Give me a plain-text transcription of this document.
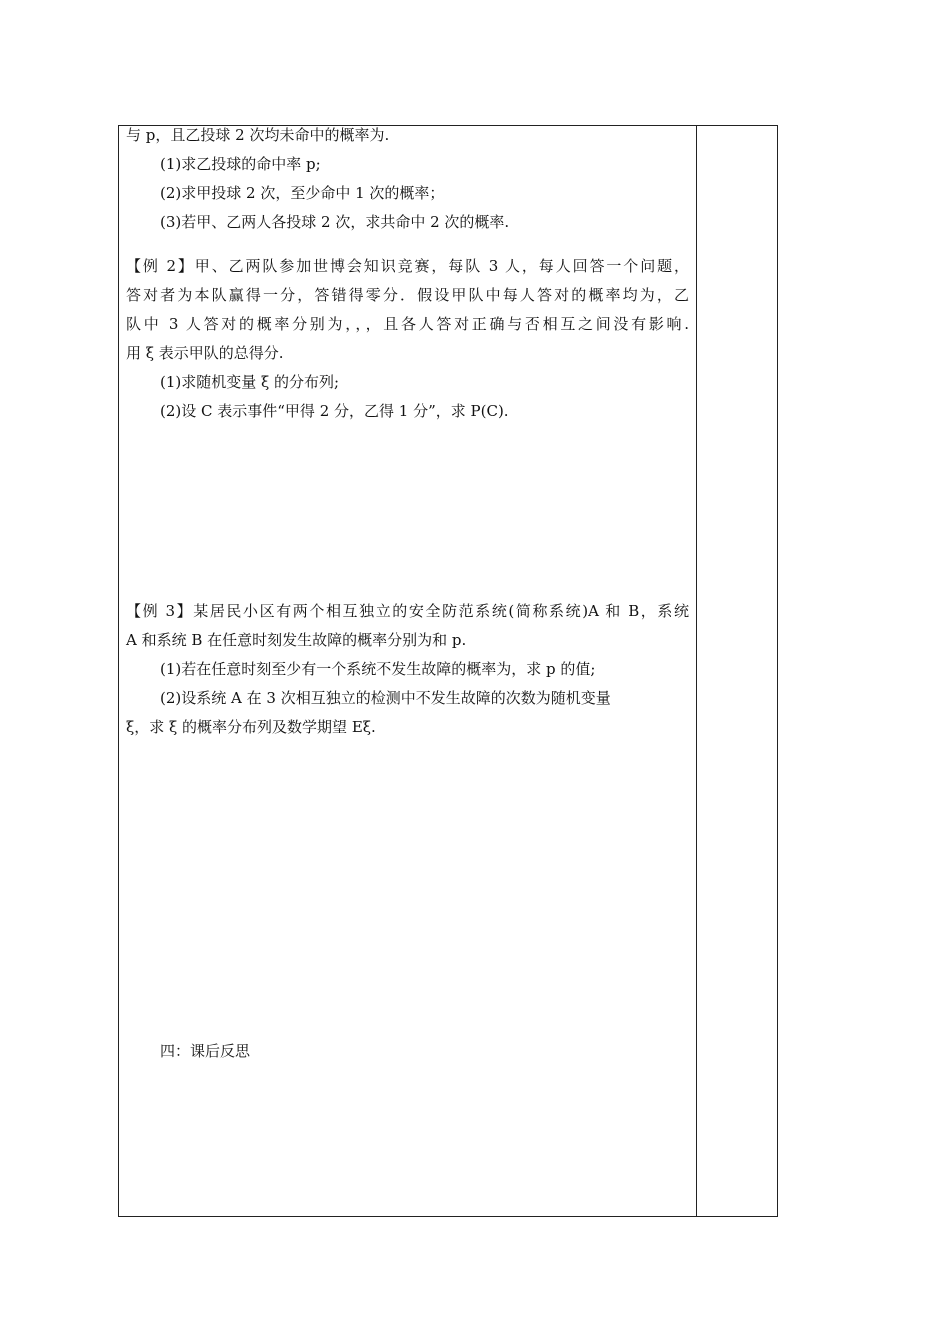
与 p，且乙投球 2 次均未命中的概率为.
(1)求乙投球的命中率 p;
(2)求甲投球 2 次，至少命中 1 次的概率；
(3)若甲、乙两人各投球 2 次，求共命中 2 次的概率.
【例 2】甲、乙两队参加世博会知识竞赛，每队 3 人，每人回答一个问题，
答对者为本队赢得一分，答错得零分．假设甲队中每人答对的概率均为，乙
队中 3 人答对的概率分别为，，，且各人答对正确与否相互之间没有影响.
用 ξ 表示甲队的总得分.
(1)求随机变量 ξ 的分布列;
(2)设 C 表示事件“甲得 2 分，乙得 1 分”，求 P(C).
【例 3】某居民小区有两个相互独立的安全防范系统(简称系统)A 和 B，系统
A 和系统 B 在任意时刻发生故障的概率分别为和 p.
(1)若在任意时刻至少有一个系统不发生故障的概率为，求 p 的值;
(2)设系统 A 在 3 次相互独立的检测中不发生故障的次数为随机变量
ξ，求 ξ 的概率分布列及数学期望 Eξ.
四：课后反思
